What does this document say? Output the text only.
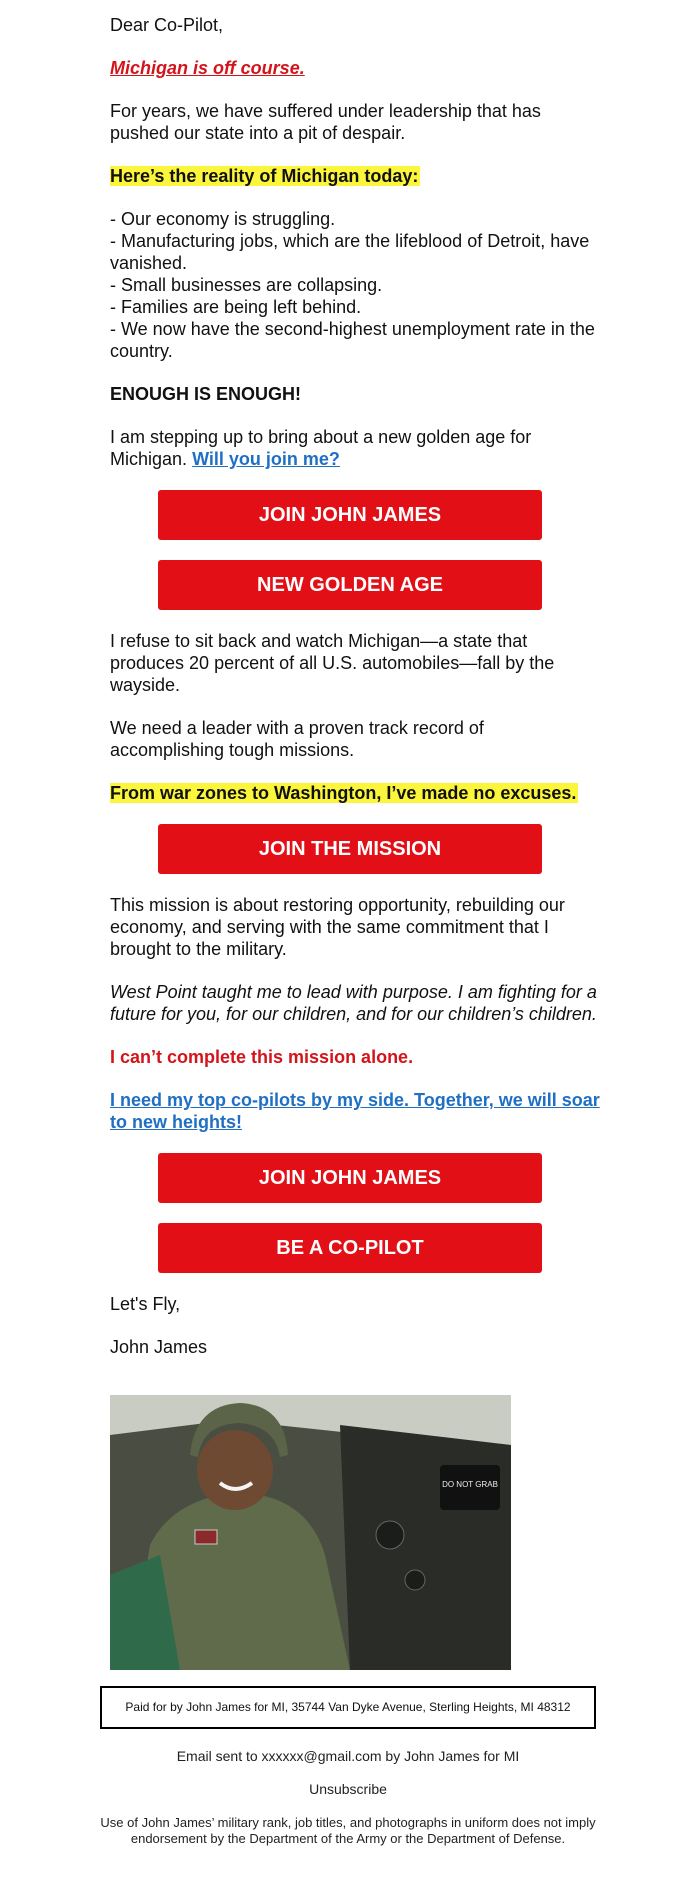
Dear Co-Pilot,

Michigan is off course.

For years, we have suffered under leadership that has pushed our state into a pit of despair.

Here’s the reality of Michigan today:

- Our economy is struggling.
- Manufacturing jobs, which are the lifeblood of Detroit, have vanished.
- Small businesses are collapsing.
- Families are being left behind.
- We now have the second-highest unemployment rate in the country.

ENOUGH IS ENOUGH!

I am stepping up to bring about a new golden age for Michigan. Will you join me?

JOIN JOHN JAMES
NEW GOLDEN AGE

I refuse to sit back and watch Michigan—a state that produces 20 percent of all U.S. automobiles—fall by the wayside.

We need a leader with a proven track record of accomplishing tough missions.

From war zones to Washington, I’ve made no excuses.

JOIN THE MISSION

This mission is about restoring opportunity, rebuilding our economy, and serving with the same commitment that I brought to the military.

West Point taught me to lead with purpose. I am fighting for a future for you, for our children, and for our children’s children.

I can’t complete this mission alone.

I need my top co-pilots by my side. Together, we will soar to new heights!

JOIN JOHN JAMES
BE A CO-PILOT

Let's Fly,

John James

DO NOT GRAB
Paid for by John James for MI, 35744 Van Dyke Avenue, Sterling Heights, MI 48312
Email sent to xxxxxx@gmail.com by John James for MI
Unsubscribe
Use of John James’ military rank, job titles, and photographs in uniform does not imply endorsement by the Department of the Army or the Department of Defense.
